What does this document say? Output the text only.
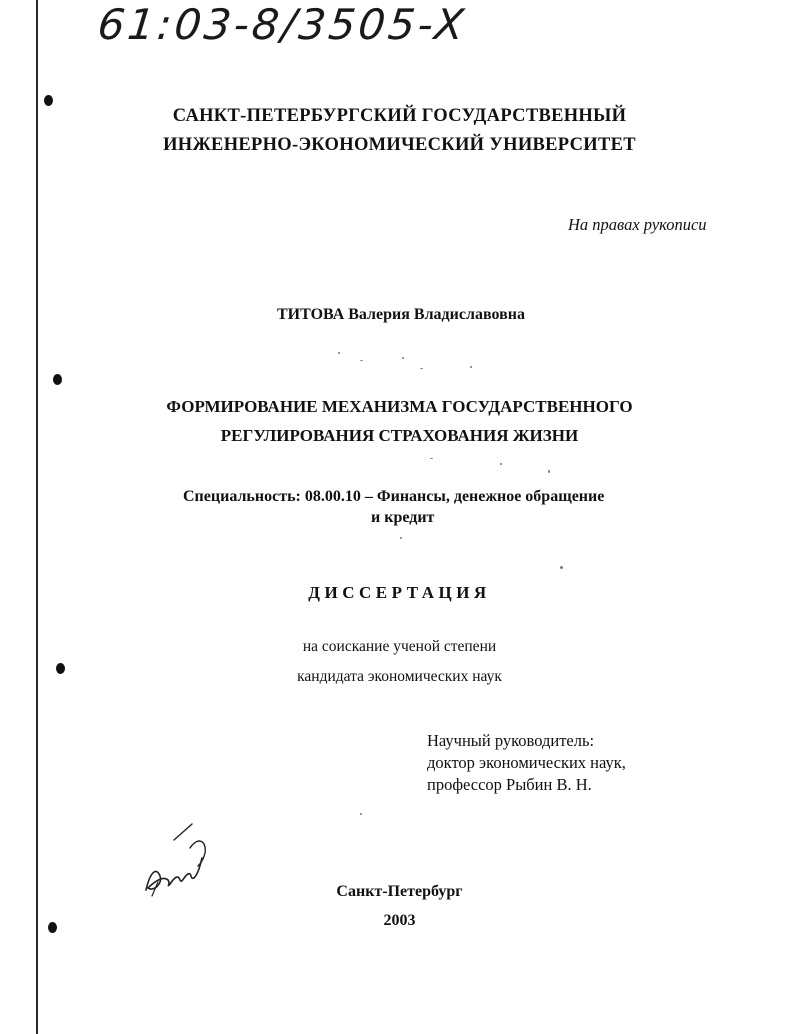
61:03-8/3505-X
САНКТ-ПЕТЕРБУРГСКИЙ ГОСУДАРСТВЕННЫЙ
ИНЖЕНЕРНО-ЭКОНОМИЧЕСКИЙ УНИВЕРСИТЕТ
На правах рукописи
ТИТОВА Валерия Владиславовна
ФОРМИРОВАНИЕ МЕХАНИЗМА ГОСУДАРСТВЕННОГО
РЕГУЛИРОВАНИЯ СТРАХОВАНИЯ ЖИЗНИ
Специальность: 08.00.10 – Финансы, денежное обращение
и кредит
ДИССЕРТАЦИЯ
на соискание ученой степени
кандидата экономических наук
Научный руководитель:
доктор экономических наук,
профессор Рыбин В. Н.
Санкт-Петербург
2003
